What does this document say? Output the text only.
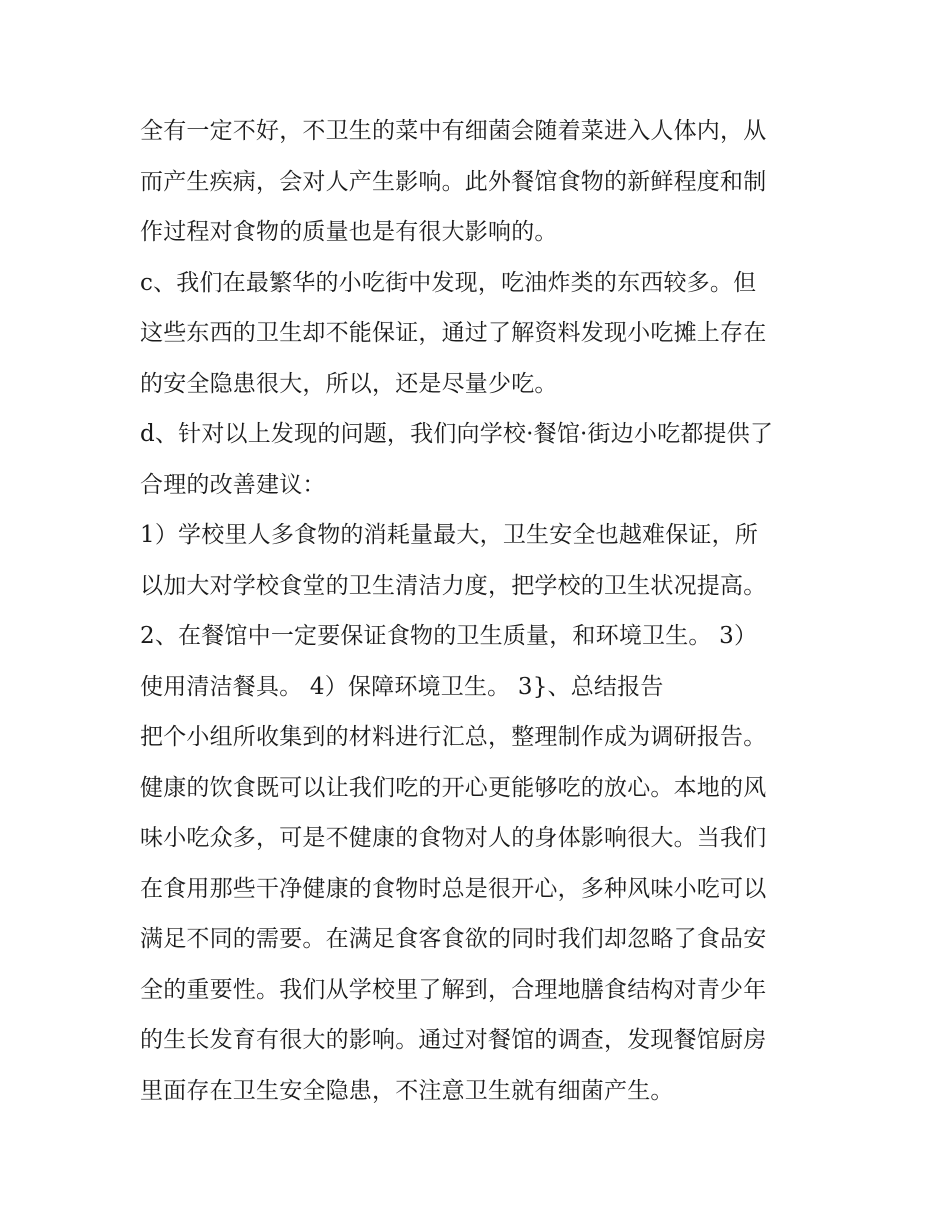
全有一定不好，不卫生的菜中有细菌会随着菜进入人体内，从
而产生疾病，会对人产生影响。此外餐馆食物的新鲜程度和制
作过程对食物的质量也是有很大影响的。
c、我们在最繁华的小吃街中发现，吃油炸类的东西较多。但
这些东西的卫生却不能保证，通过了解资料发现小吃摊上存在
的安全隐患很大，所以，还是尽量少吃。
d、针对以上发现的问题，我们向学校·餐馆·街边小吃都提供了
合理的改善建议：
1）学校里人多食物的消耗量最大，卫生安全也越难保证，所
以加大对学校食堂的卫生清洁力度，把学校的卫生状况提高。
2、在餐馆中一定要保证食物的卫生质量，和环境卫生。 3）
使用清洁餐具。 4）保障环境卫生。 3}、总结报告
把个小组所收集到的材料进行汇总，整理制作成为调研报告。
健康的饮食既可以让我们吃的开心更能够吃的放心。本地的风
味小吃众多，可是不健康的食物对人的身体影响很大。当我们
在食用那些干净健康的食物时总是很开心，多种风味小吃可以
满足不同的需要。在满足食客食欲的同时我们却忽略了食品安
全的重要性。我们从学校里了解到，合理地膳食结构对青少年
的生长发育有很大的影响。通过对餐馆的调查，发现餐馆厨房
里面存在卫生安全隐患，不注意卫生就有细菌产生。
